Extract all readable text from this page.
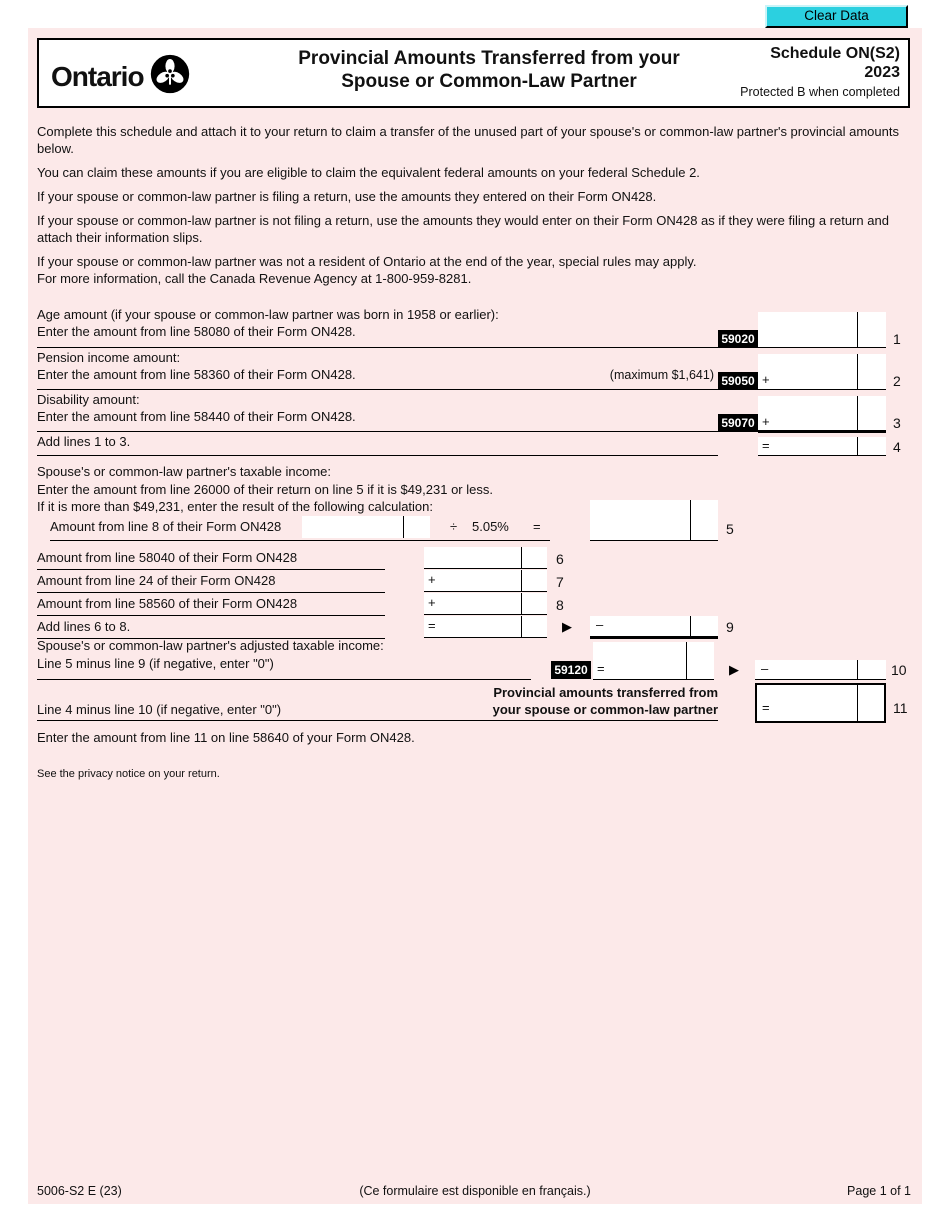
Clear Data
Ontario
Provincial Amounts Transferred from your
Spouse or Common-Law Partner
Schedule ON(S2)
2023
Protected B when completed
Complete this schedule and attach it to your return to claim a transfer of the unused part of your spouse's or common-law partner's provincial amounts below.
You can claim these amounts if you are eligible to claim the equivalent federal amounts on your federal Schedule 2.
If your spouse or common-law partner is filing a return, use the amounts they entered on their Form ON428.
If your spouse or common-law partner is not filing a return, use the amounts they would enter on their Form ON428 as if they were filing a return and attach their information slips.
If your spouse or common-law partner was not a resident of Ontario at the end of the year, special rules may apply.
For more information, call the Canada Revenue Agency at 1-800-959-8281.
Age amount (if your spouse or common-law partner was born in 1958 or earlier):
Enter the amount from line 58080 of their Form ON428.	59020	1
Pension income amount:
Enter the amount from line 58360 of their Form ON428.	(maximum $1,641) 59050 +	2
Disability amount:
Enter the amount from line 58440 of their Form ON428.	59070 +	3
Add lines 1 to 3.	=	4
Spouse's or common-law partner's taxable income:
Enter the amount from line 26000 of their return on line 5 if it is $49,231 or less.
If it is more than $49,231, enter the result of the following calculation:
Amount from line 8 of their Form ON428	÷ 5.05% =	5
Amount from line 58040 of their Form ON428	6
Amount from line 24 of their Form ON428	+	7
Amount from line 58560 of their Form ON428	+	8
Add lines 6 to 8.	=	▶ –	9
Spouse's or common-law partner's adjusted taxable income:
Line 5 minus line 9 (if negative, enter "0")	59120 =	▶ –	10
Provincial amounts transferred from
your spouse or common-law partner
Line 4 minus line 10 (if negative, enter "0")	=	11
Enter the amount from line 11 on line 58640 of your Form ON428.
See the privacy notice on your return.
5006-S2 E (23)	(Ce formulaire est disponible en français.)	Page 1 of 1
